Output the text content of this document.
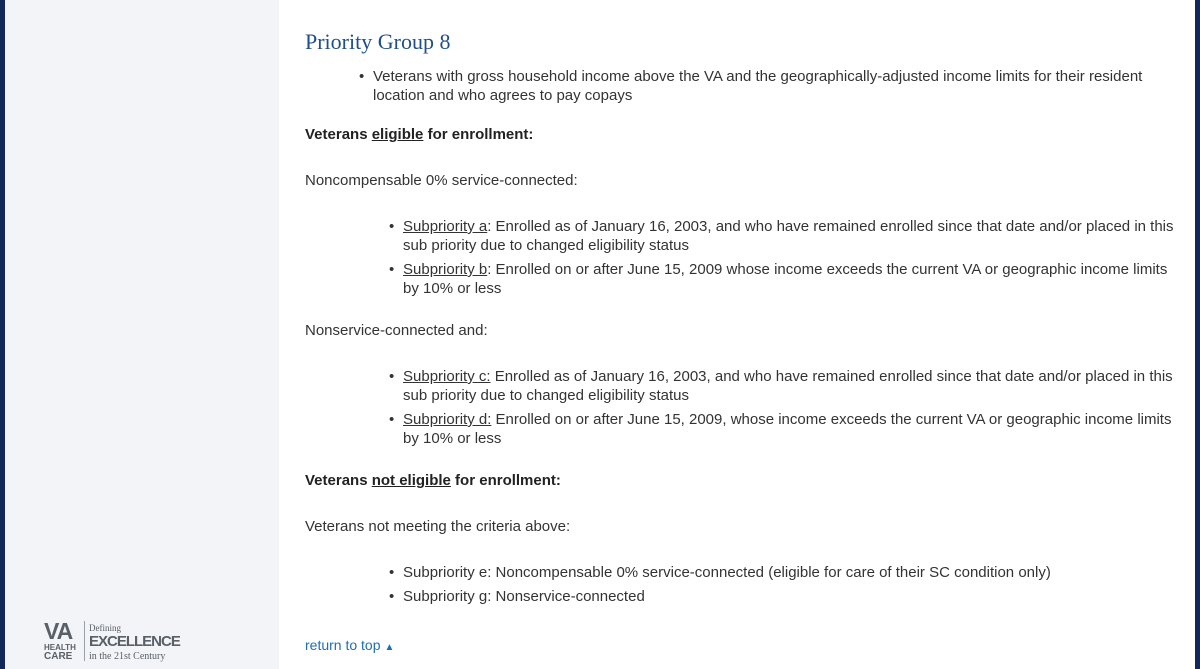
VA
HEALTH
CARE
Defining
EXCELLENCE
in the 21st Century
Priority Group 8
• Veterans with gross household income above the VA and the geographically-adjusted income limits for their resident location and who agrees to pay copays

Veterans eligible for enrollment:

Noncompensable 0% service-connected:

• Subpriority a: Enrolled as of January 16, 2003, and who have remained enrolled since that date and/or placed in this sub priority due to changed eligibility status
• Subpriority b: Enrolled on or after June 15, 2009 whose income exceeds the current VA or geographic income limits by 10% or less

Nonservice-connected and:

• Subpriority c: Enrolled as of January 16, 2003, and who have remained enrolled since that date and/or placed in this sub priority due to changed eligibility status
• Subpriority d: Enrolled on or after June 15, 2009, whose income exceeds the current VA or geographic income limits by 10% or less

Veterans not eligible for enrollment:

Veterans not meeting the criteria above:

• Subpriority e: Noncompensable 0% service-connected (eligible for care of their SC condition only)
• Subpriority g: Nonservice-connected
return to top ▲
